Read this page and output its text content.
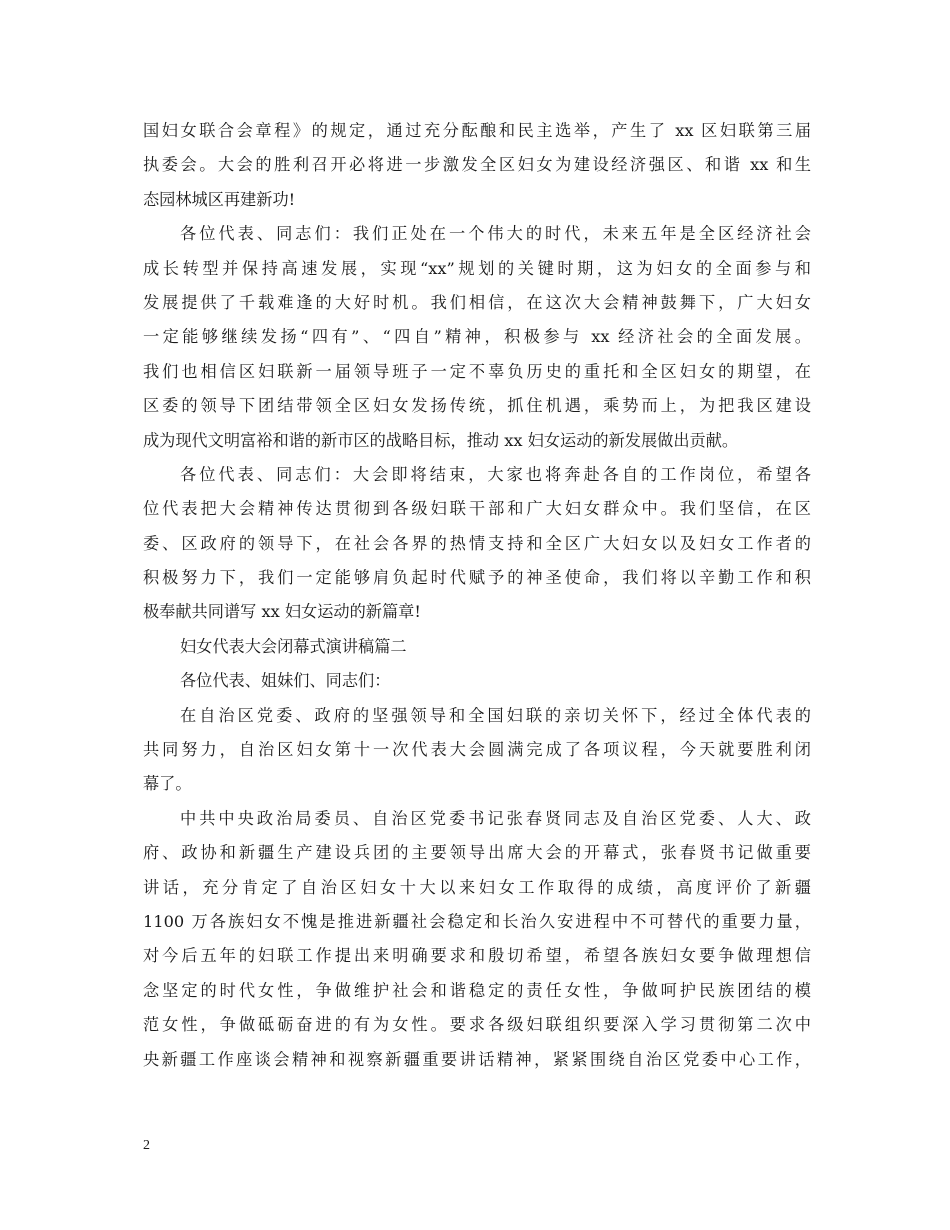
国妇女联合会章程》的规定，通过充分酝酿和民主选举，产生了 xx 区妇联第三届
执委会。大会的胜利召开必将进一步激发全区妇女为建设经济强区、和谐 xx 和生
态园林城区再建新功!
各位代表、同志们：我们正处在一个伟大的时代，未来五年是全区经济社会
成长转型并保持高速发展，实现“xx”规划的关键时期，这为妇女的全面参与和
发展提供了千载难逢的大好时机。我们相信，在这次大会精神鼓舞下，广大妇女
一定能够继续发扬“四有”、“四自”精神，积极参与 xx 经济社会的全面发展。
我们也相信区妇联新一届领导班子一定不辜负历史的重托和全区妇女的期望，在
区委的领导下团结带领全区妇女发扬传统，抓住机遇，乘势而上，为把我区建设
成为现代文明富裕和谐的新市区的战略目标，推动 xx 妇女运动的新发展做出贡献。
各位代表、同志们：大会即将结束，大家也将奔赴各自的工作岗位，希望各
位代表把大会精神传达贯彻到各级妇联干部和广大妇女群众中。我们坚信，在区
委、区政府的领导下，在社会各界的热情支持和全区广大妇女以及妇女工作者的
积极努力下，我们一定能够肩负起时代赋予的神圣使命，我们将以辛勤工作和积
极奉献共同谱写 xx 妇女运动的新篇章!
妇女代表大会闭幕式演讲稿篇二
各位代表、姐妹们、同志们：
在自治区党委、政府的坚强领导和全国妇联的亲切关怀下，经过全体代表的
共同努力，自治区妇女第十一次代表大会圆满完成了各项议程，今天就要胜利闭
幕了。
中共中央政治局委员、自治区党委书记张春贤同志及自治区党委、人大、政
府、政协和新疆生产建设兵团的主要领导出席大会的开幕式，张春贤书记做重要
讲话，充分肯定了自治区妇女十大以来妇女工作取得的成绩，高度评价了新疆
1100 万各族妇女不愧是推进新疆社会稳定和长治久安进程中不可替代的重要力量，
对今后五年的妇联工作提出来明确要求和殷切希望，希望各族妇女要争做理想信
念坚定的时代女性，争做维护社会和谐稳定的责任女性，争做呵护民族团结的模
范女性，争做砥砺奋进的有为女性。要求各级妇联组织要深入学习贯彻第二次中
央新疆工作座谈会精神和视察新疆重要讲话精神，紧紧围绕自治区党委中心工作，
2
